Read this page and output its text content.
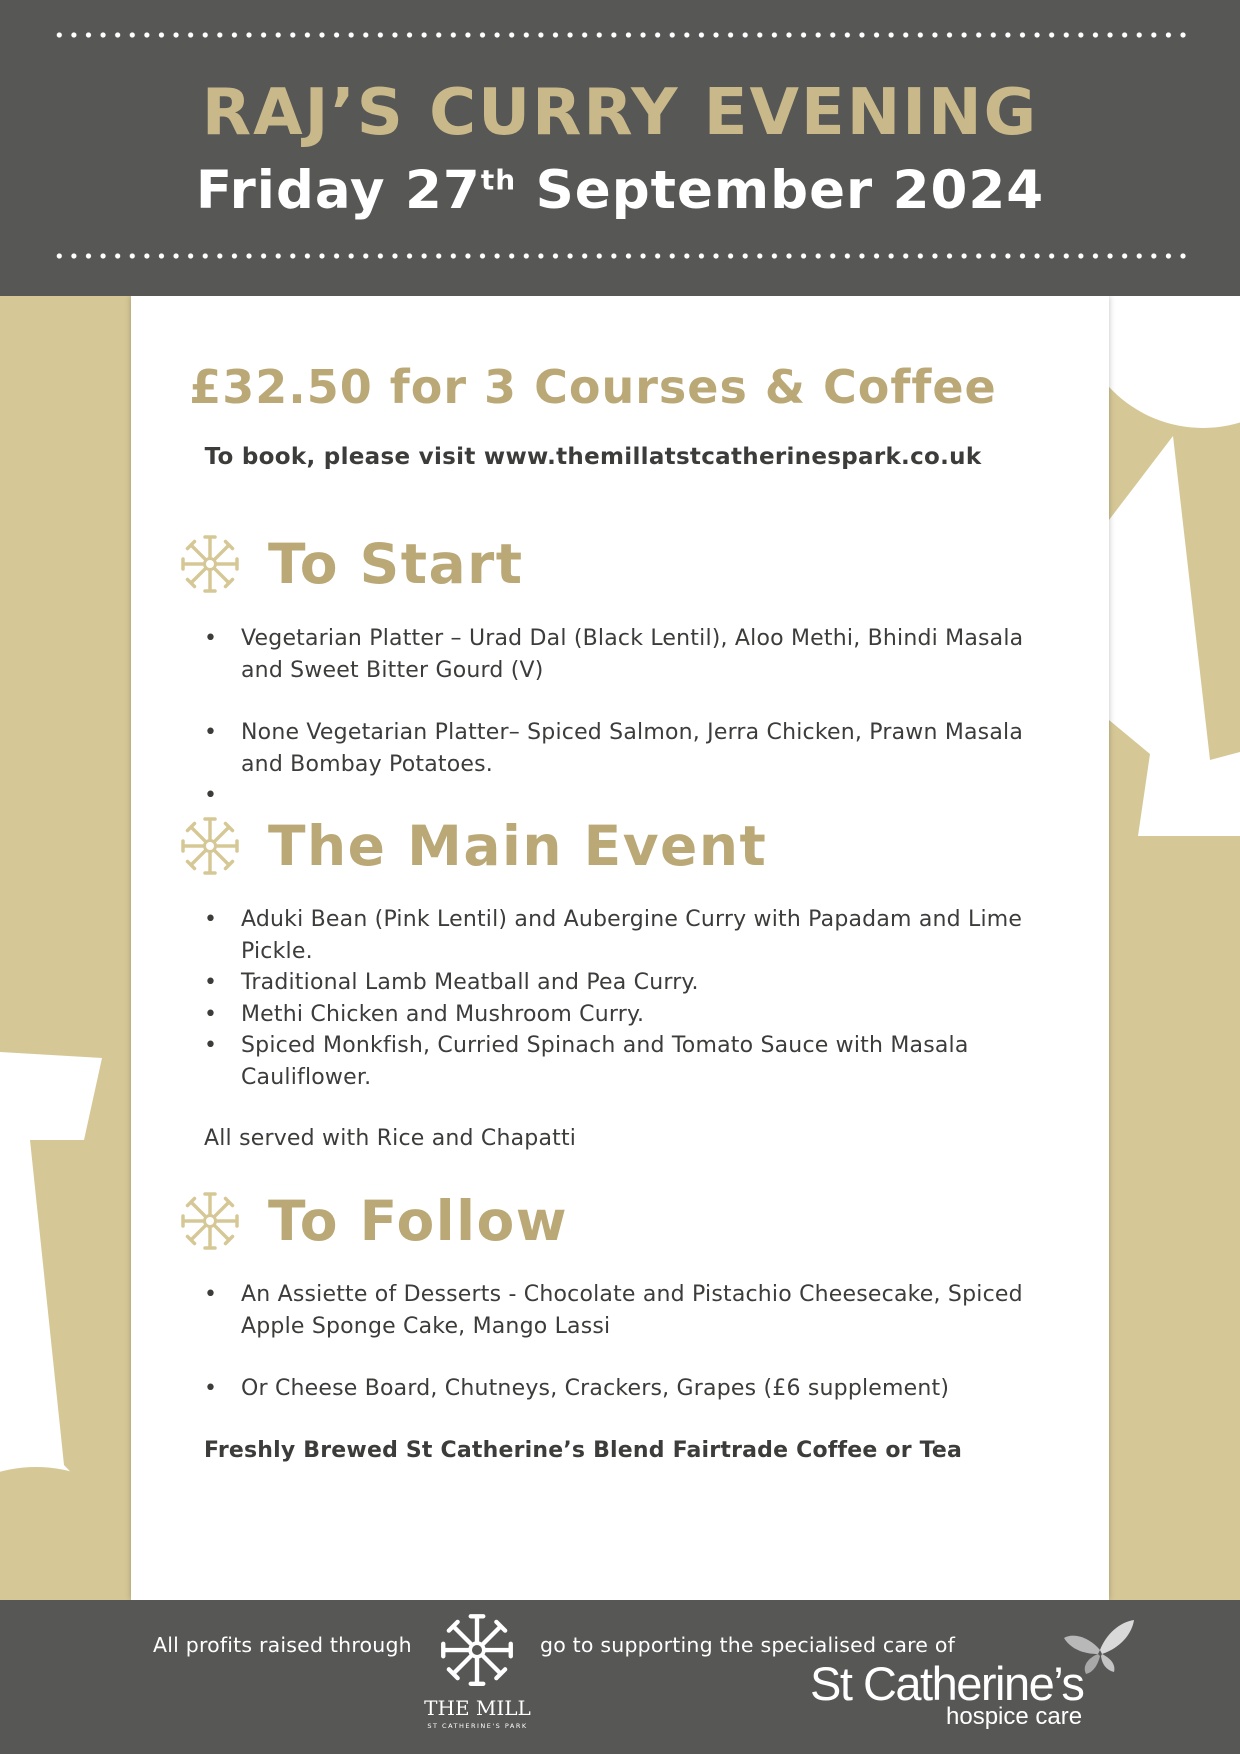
RAJ’S CURRY EVENING
Friday 27th September 2024
£32.50 for 3 Courses & Coffee
To book, please visit www.themillatstcatherinespark.co.uk
To Start
• Vegetarian Platter – Urad Dal (Black Lentil), Aloo Methi, Bhindi Masala and Sweet Bitter Gourd (V)
• None Vegetarian Platter– Spiced Salmon, Jerra Chicken, Prawn Masala and Bombay Potatoes.
•
The Main Event
• Aduki Bean (Pink Lentil) and Aubergine Curry with Papadam and Lime Pickle.
• Traditional Lamb Meatball and Pea Curry.
• Methi Chicken and Mushroom Curry.
• Spiced Monkfish, Curried Spinach and Tomato Sauce with Masala Cauliflower.
All served with Rice and Chapatti
To Follow
• An Assiette of Desserts - Chocolate and Pistachio Cheesecake, Spiced Apple Sponge Cake, Mango Lassi
• Or Cheese Board, Chutneys, Crackers, Grapes (£6 supplement)
Freshly Brewed St Catherine’s Blend Fairtrade Coffee or Tea
All profits raised through
THE MILL
ST CATHERINE'S PARK
go to supporting the specialised care of
St Catherine’s
hospice care
